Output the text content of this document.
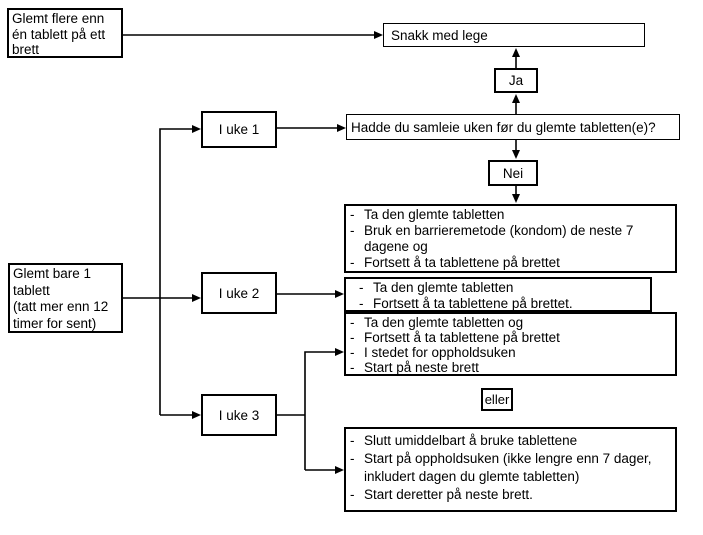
Glemt flere enn én tablett på ett brett
Snakk med lege
Ja
I uke 1	Hadde du samleie uken før du glemte tabletten(e)?
Nei
- Ta den glemte tabletten
- Bruk en barrieremetode (kondom) de neste 7 dagene og
- Fortsett å ta tablettene på brettet
- Ta den glemte tabletten
- Fortsett å ta tablettene på brettet.
- Ta den glemte tabletten og
- Fortsett å ta tablettene på brettet
- I stedet for oppholdsuken
- Start på neste brett
eller
- Slutt umiddelbart å bruke tablettene
- Start på oppholdsuken (ikke lengre enn 7 dager, inkludert dagen du glemte tabletten)
- Start deretter på neste brett.
Glemt bare 1 tablett
(tatt mer enn 12 timer for sent)
I uke 2
I uke 3
